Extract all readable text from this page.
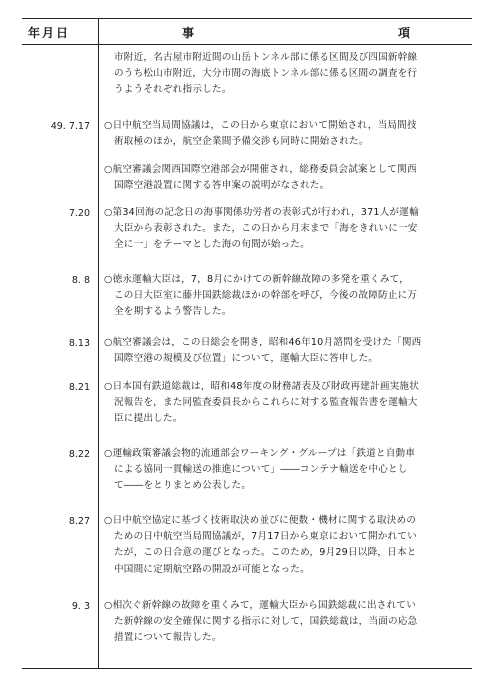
年月日	事	項

市附近，名古屋市附近間の山岳トンネル部に係る区間及び四国新幹線

のうち松山市附近，大分市間の海底トンネル部に係る区間の調査を行

うようそれぞれ指示した。

49. 7.17 ○日中航空当局間協議は，この日から東京において開始され，当局間技

術取極のほか，航空企業間予備交渉も同時に開始された。

○航空審議会関西国際空港部会が開催され，総務委員会試案として関西

国際空港設置に関する答申案の説明がなされた。

7.20 ○第34回海の記念日の海事関係功労者の表彰式が行われ，371人が運輸

大臣から表彰された。また，この日から月末まで「海をきれいに一安

全に一」をテーマとした海の旬間が始った。

8. 8 ○徳永運輸大臣は，7，8月にかけての新幹線故障の多発を重くみて，

この日大臣室に藤井国鉄総裁ほかの幹部を呼び，今後の故障防止に万

全を期するよう警告した。

8.13 ○航空審議会は，この日総会を開き，昭和46年10月諮問を受けた「関西

国際空港の規模及び位置」について，運輸大臣に答申した。

8.21 ○日本国有鉄道総裁は，昭和48年度の財務諸表及び財政再建計画実施状

況報告を，また同監査委員長からこれらに対する監査報告書を運輸大

臣に提出した。

8.22 ○運輸政策審議会物的流通部会ワーキング・グループは「鉄道と自動車

による協同一貫輸送の推進について」――コンテナ輸送を中心とし

て――をとりまとめ公表した。

8.27 ○日中航空協定に基づく技術取決め並びに便数・機材に関する取決めの

ための日中航空当局間協議が，7月17日から東京において開かれてい

たが，この日合意の運びとなった。このため，9月29日以降，日本と

中国間に定期航空路の開設が可能となった。

9. 3 ○相次ぐ新幹線の故障を重くみて，運輸大臣から国鉄総裁に出されてい

た新幹線の安全確保に関する指示に対して，国鉄総裁は，当面の応急

措置について報告した。
